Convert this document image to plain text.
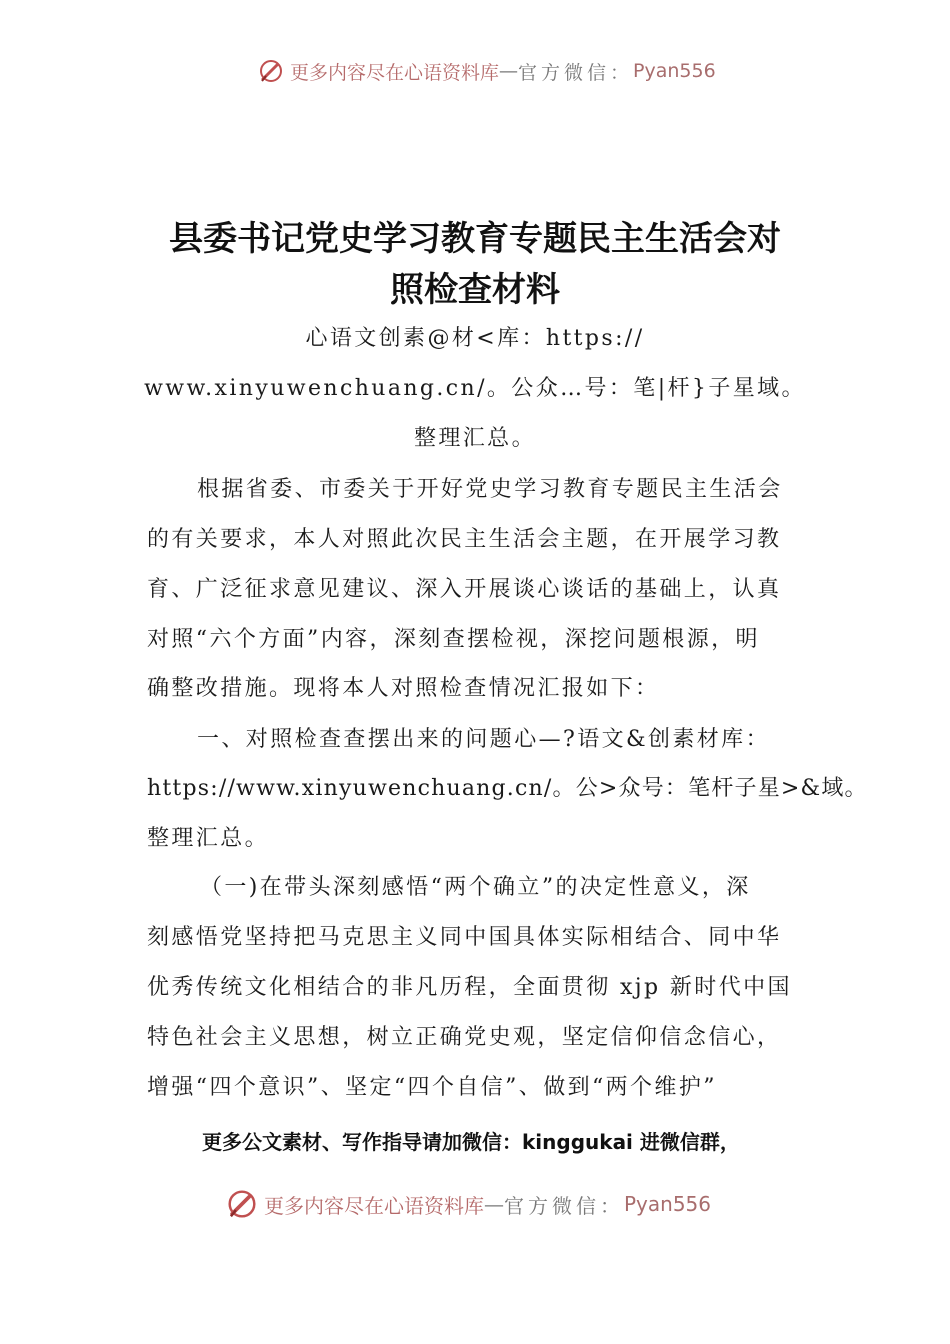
更多内容尽在心语资料库 — 官方微信： Pyan556
县委书记党史学习教育专题民主生活会对
照检查材料

心语文创素@材<库：https://

www.xinyuwenchuang.cn/。公众…号：笔|杆}子星域。

整理汇总。

根据省委、市委关于开好党史学习教育专题民主生活会

的有关要求，本人对照此次民主生活会主题，在开展学习教

育、广泛征求意见建议、深入开展谈心谈话的基础上，认真

对照“六个方面”内容，深刻查摆检视，深挖问题根源，明

确整改措施。现将本人对照检查情况汇报如下：

一、对照检查查摆出来的问题心—?语文&创素材库：

https://www.xinyuwenchuang.cn/。公>众号：笔杆子星>&域。

整理汇总。

（一)在带头深刻感悟“两个确立”的决定性意义，深

刻感悟党坚持把马克思主义同中国具体实际相结合、同中华

优秀传统文化相结合的非凡历程，全面贯彻 xjp 新时代中国

特色社会主义思想，树立正确党史观，坚定信仰信念信心，

增强“四个意识”、坚定“四个自信”、做到“两个维护”

更多公文素材、写作指导请加微信：kinggukai 进微信群，

更多内容尽在心语资料库 — 官方微信： Pyan556
